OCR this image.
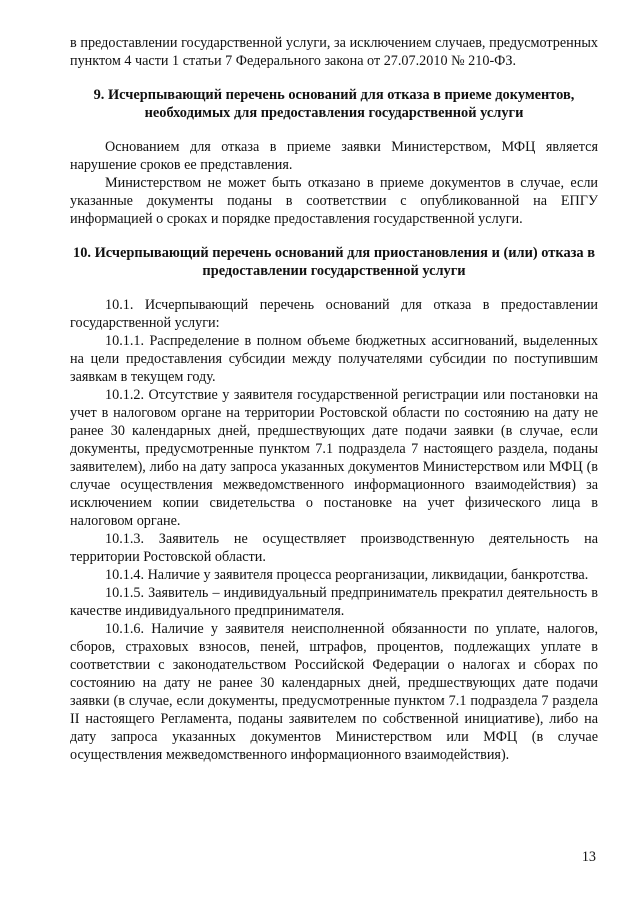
в предоставлении государственной услуги, за исключением случаев, предусмотренных пунктом 4 части 1 статьи 7 Федерального закона от 27.07.2010 № 210-ФЗ.

9. Исчерпывающий перечень оснований для отказа в приеме документов, необходимых для предоставления государственной услуги

Основанием для отказа в приеме заявки Министерством, МФЦ является нарушение сроков ее представления.

Министерством не может быть отказано в приеме документов в случае, если указанные документы поданы в соответствии с опубликованной на ЕПГУ информацией о сроках и порядке предоставления государственной услуги.

10. Исчерпывающий перечень оснований для приостановления и (или) отказа в предоставлении государственной услуги

10.1. Исчерпывающий перечень оснований для отказа в предоставлении государственной услуги:

10.1.1. Распределение в полном объеме бюджетных ассигнований, выделенных на цели предоставления субсидии между получателями субсидии по поступившим заявкам в текущем году.

10.1.2. Отсутствие у заявителя государственной регистрации или постановки на учет в налоговом органе на территории Ростовской области по состоянию на дату не ранее 30 календарных дней, предшествующих дате подачи заявки (в случае, если документы, предусмотренные пунктом 7.1 подраздела 7 настоящего раздела, поданы заявителем), либо на дату запроса указанных документов Министерством или МФЦ (в случае осуществления межведомственного информационного взаимодействия) за исключением копии свидетельства о постановке на учет физического лица в налоговом органе.

10.1.3. Заявитель не осуществляет производственную деятельность на территории Ростовской области.

10.1.4. Наличие у заявителя процесса реорганизации, ликвидации, банкротства.

10.1.5. Заявитель – индивидуальный предприниматель прекратил деятельность в качестве индивидуального предпринимателя.

10.1.6. Наличие у заявителя неисполненной обязанности по уплате, налогов, сборов, страховых взносов, пеней, штрафов, процентов, подлежащих уплате в соответствии с законодательством Российской Федерации о налогах и сборах по состоянию на дату не ранее 30 календарных дней, предшествующих дате подачи заявки (в случае, если документы, предусмотренные пунктом 7.1 подраздела 7 раздела II настоящего Регламента, поданы заявителем по собственной инициативе), либо на дату запроса указанных документов Министерством или МФЦ (в случае осуществления межведомственного информационного взаимодействия).

13
